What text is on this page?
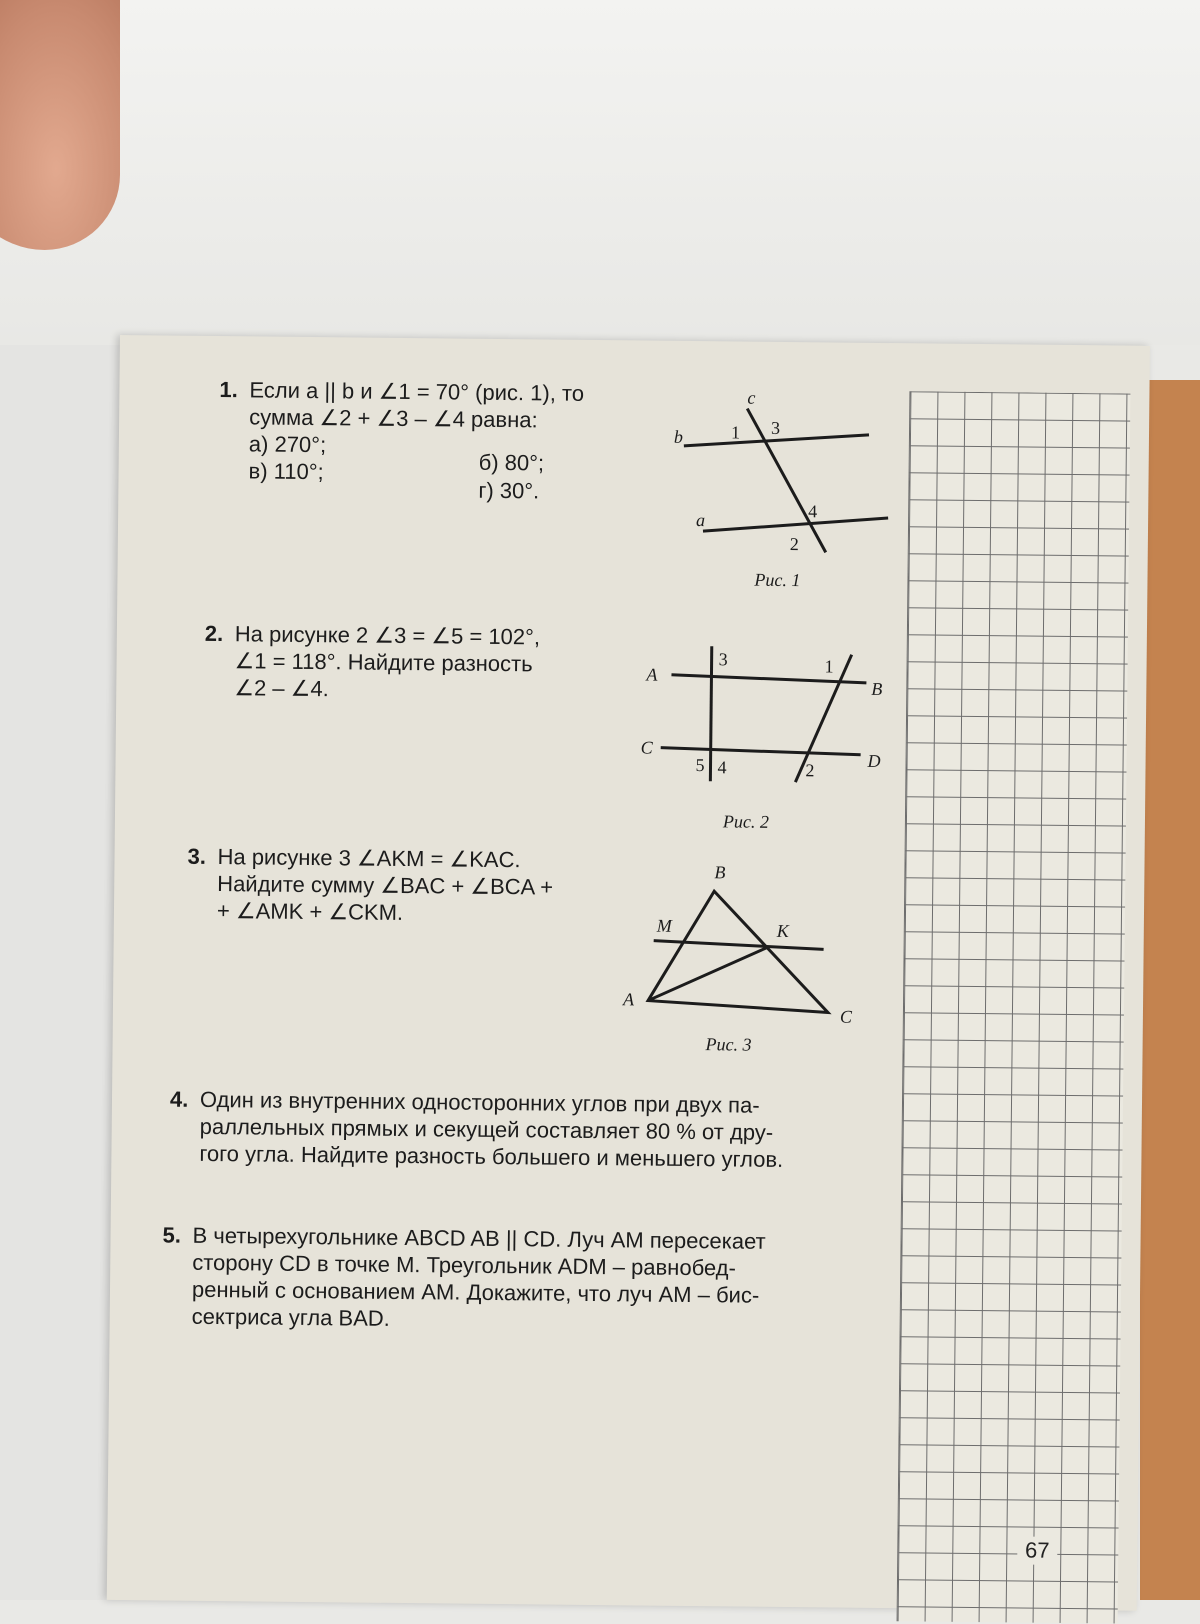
67
1. Если a || b и ∠1 = 70° (рис. 1), то
сумма ∠2 + ∠3 – ∠4 равна:
а) 270°;
в) 110°;	б) 80°;
г) 30°.
c
b
a
1 3
4
2
Рис. 1
2. На рисунке 2 ∠3 = ∠5 = 102°,
∠1 = 118°. Найдите разность
∠2 – ∠4.
A
B
C
D
3	1
5 4	2
Рис. 2
3. На рисунке 3 ∠AKM = ∠KAC.
Найдите сумму ∠BAC + ∠BCA +
+ ∠AMK + ∠CKM.
B
M	K
A
C
Рис. 3
4. Один из внутренних односторонних углов при двух па-
раллельных прямых и секущей составляет 80 % от дру-
гого угла. Найдите разность большего и меньшего углов.
5. В четырехугольнике ABCD AB || CD. Луч AM пересекает
сторону CD в точке M. Треугольник ADM – равнобед-
ренный с основанием AM. Докажите, что луч AM – бис-
сектриса угла BAD.
